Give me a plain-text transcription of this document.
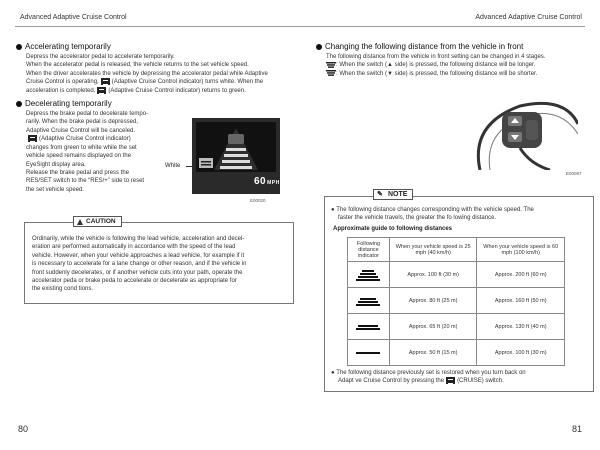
Advanced Adaptive Cruise Control
Accelerating temporarily
Depress the accelerator pedal to accelerate temporarily.
When the accelerator pedal is released, the vehicle returns to the set vehicle speed.
When the driver accelerates the vehicle by depressing the accelerator pedal while Adaptive
Cruise Control is operating, (Adaptive Cruise Control indicator) turns white. When the
acceleration is completed, (Adaptive Cruise Control indicator) returns to green.
Decelerating temporarily
Depress the brake pedal to decelerate tempo-
rarily. When the brake pedal is depressed,
Adaptive Cruise Control will be canceled.
(Adaptive Cruise Control indicator)
changes from green to white while the set
vehicle speed remains displayed on the
EyeSight display area.
Release the brake pedal and press the
RES/SET switch to the “RES/+” side to reset
the set vehicle speed.
White
60MPH
E00020
CAUTION
Ordinarily, while the vehicle is following the lead vehicle, acceleration and decel-
eration are performed automatically in accordance with the speed of the lead
vehicle. However, when your vehicle approaches a lead vehicle, for example if it
is necessary to accelerate for a lane change or other reason, and if the vehicle in
front suddenly decelerates, or if another vehicle cuts into your path, operate the
accelerator peda or brake peda to accelerate or decelerate as appropriate for
the existing cond tions.
80
Advanced Adaptive Cruise Control
Changing the following distance from the vehicle in front
The following distance from the vehicle in front setting can be changed in 4 stages.
: When the switch (▲ side) is pressed, the following distance will be longer.
: When the switch (▼ side) is pressed, the following distance will be shorter.
E00097
✎ NOTE
● The following distance changes corresponding with the vehicle speed. The
faster the vehicle travels, the greater the fo lowing distance.
Approximate guide to following distances
Following distance indicator	When your vehicle speed is 25 mph (40 km/h)	When your vehicle speed is 60 mph (100 km/h)

	Approx. 100 ft (30 m)	Approx. 200 ft (60 m)

	Approx. 80 ft (25 m)	Approx. 160 ft (50 m)

	Approx. 65 ft (20 m)	Approx. 130 ft (40 m)

	Approx. 50 ft (15 m)	Approx. 100 ft (30 m)
● The following distance previously set is restored when you turn back on
Adapt ve Cruise Control by pressing the (CRUISE) switch.
81
